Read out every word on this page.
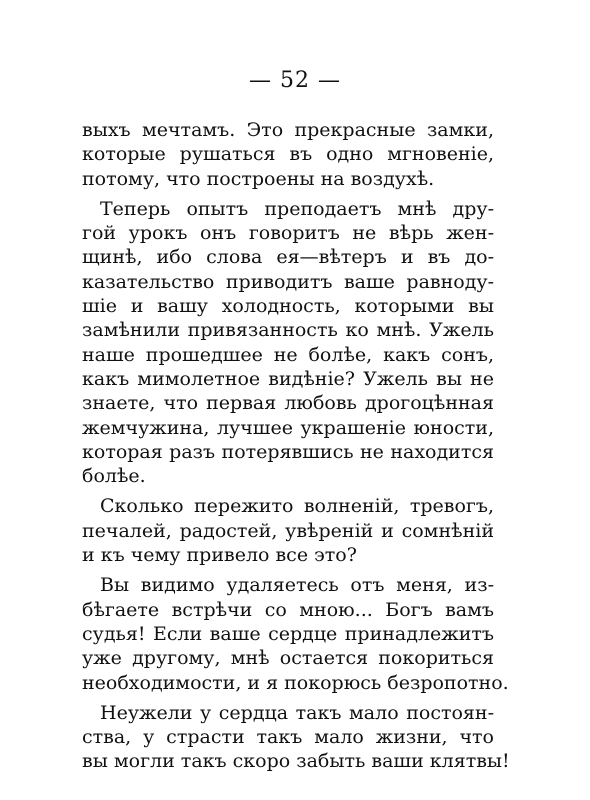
— 52 —

выхъ мечтамъ. Это прекрасные замки,
которые рушаться въ одно мгновеніе,
потому, что построены на воздухѣ.

Теперь опытъ преподаетъ мнѣ дру-
гой урокъ онъ говоритъ не вѣрь жен-
щинѣ, ибо слова ея—вѣтеръ и въ до-
казательство приводитъ ваше равноду-
шіе и вашу холодность, которыми вы
замѣнили привязанность ко мнѣ. Ужель
наше прошедшее не болѣе, какъ сонъ,
какъ мимолетное видѣніе? Ужель вы не
знаете, что первая любовь дрогоцѣнная
жемчужина, лучшее украшеніе юности,
которая разъ потерявшись не находится
болѣе.

Сколько пережито волненій, тревогъ,
печалей, радостей, увѣреній и сомнѣній
и къ чему привело все это?

Вы видимо удаляетесь отъ меня, из-
бѣгаете встрѣчи со мною... Богъ вамъ
судья! Если ваше сердце принадлежитъ
уже другому, мнѣ остается покориться
необходимости, и я покорюсь безропотно.

Неужели у сердца такъ мало постоян-
ства, у страсти такъ мало жизни, что
вы могли такъ скоро забыть ваши клятвы!
